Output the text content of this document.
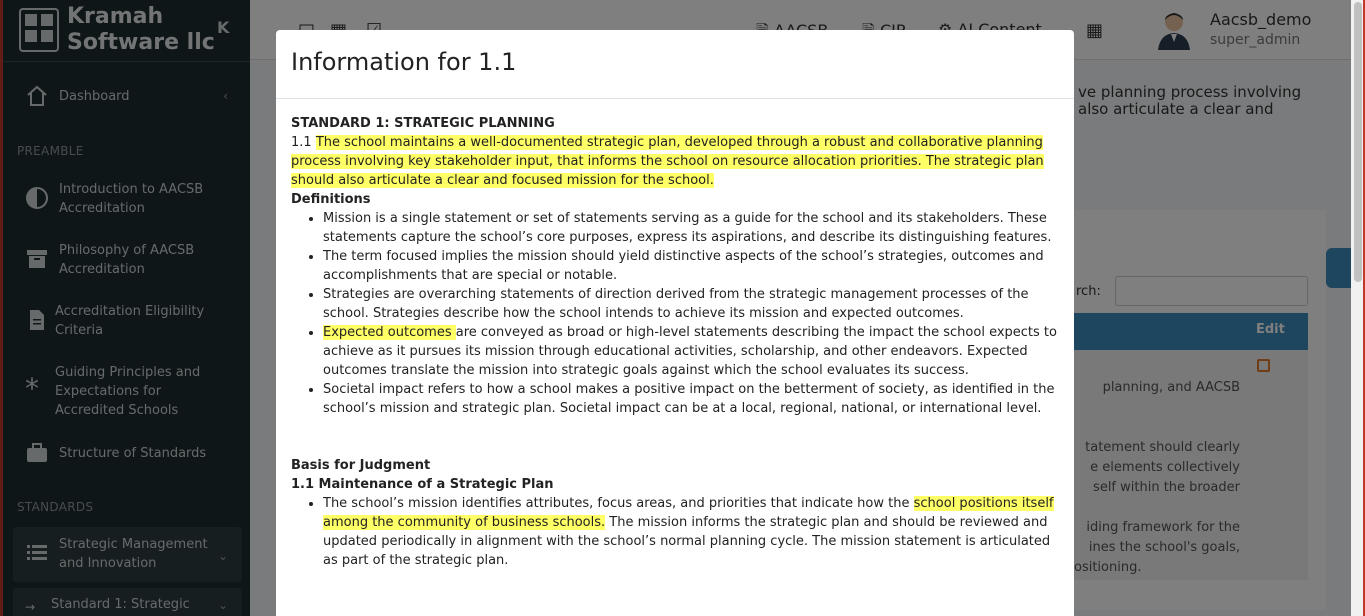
Information for 1.1
STANDARD 1: STRATEGIC PLANNING
1.1 The school maintains a well-documented strategic plan, developed through a robust and collaborative planning process involving key stakeholder input, that informs the school on resource allocation priorities. The strategic plan should also articulate a clear and focused mission for the school.
Definitions
• Mission is a single statement or set of statements serving as a guide for the school and its stakeholders. These statements capture the school’s core purposes, express its aspirations, and describe its distinguishing features.
• The term focused implies the mission should yield distinctive aspects of the school’s strategies, outcomes and accomplishments that are special or notable.
• Strategies are overarching statements of direction derived from the strategic management processes of the school. Strategies describe how the school intends to achieve its mission and expected outcomes.
• Expected outcomes are conveyed as broad or high-level statements describing the impact the school expects to achieve as it pursues its mission through educational activities, scholarship, and other endeavors. Expected outcomes translate the mission into strategic goals against which the school evaluates its success.
• Societal impact refers to how a school makes a positive impact on the betterment of society, as identified in the school’s mission and strategic plan. Societal impact can be at a local, regional, national, or international level.
Basis for Judgment
1.1 Maintenance of a Strategic Plan
• The school’s mission identifies attributes, focus areas, and priorities that indicate how the school positions itself among the community of business schools. The mission informs the strategic plan and should be reviewed and updated periodically in alignment with the school’s normal planning cycle. The mission statement is articulated as part of the strategic plan.
